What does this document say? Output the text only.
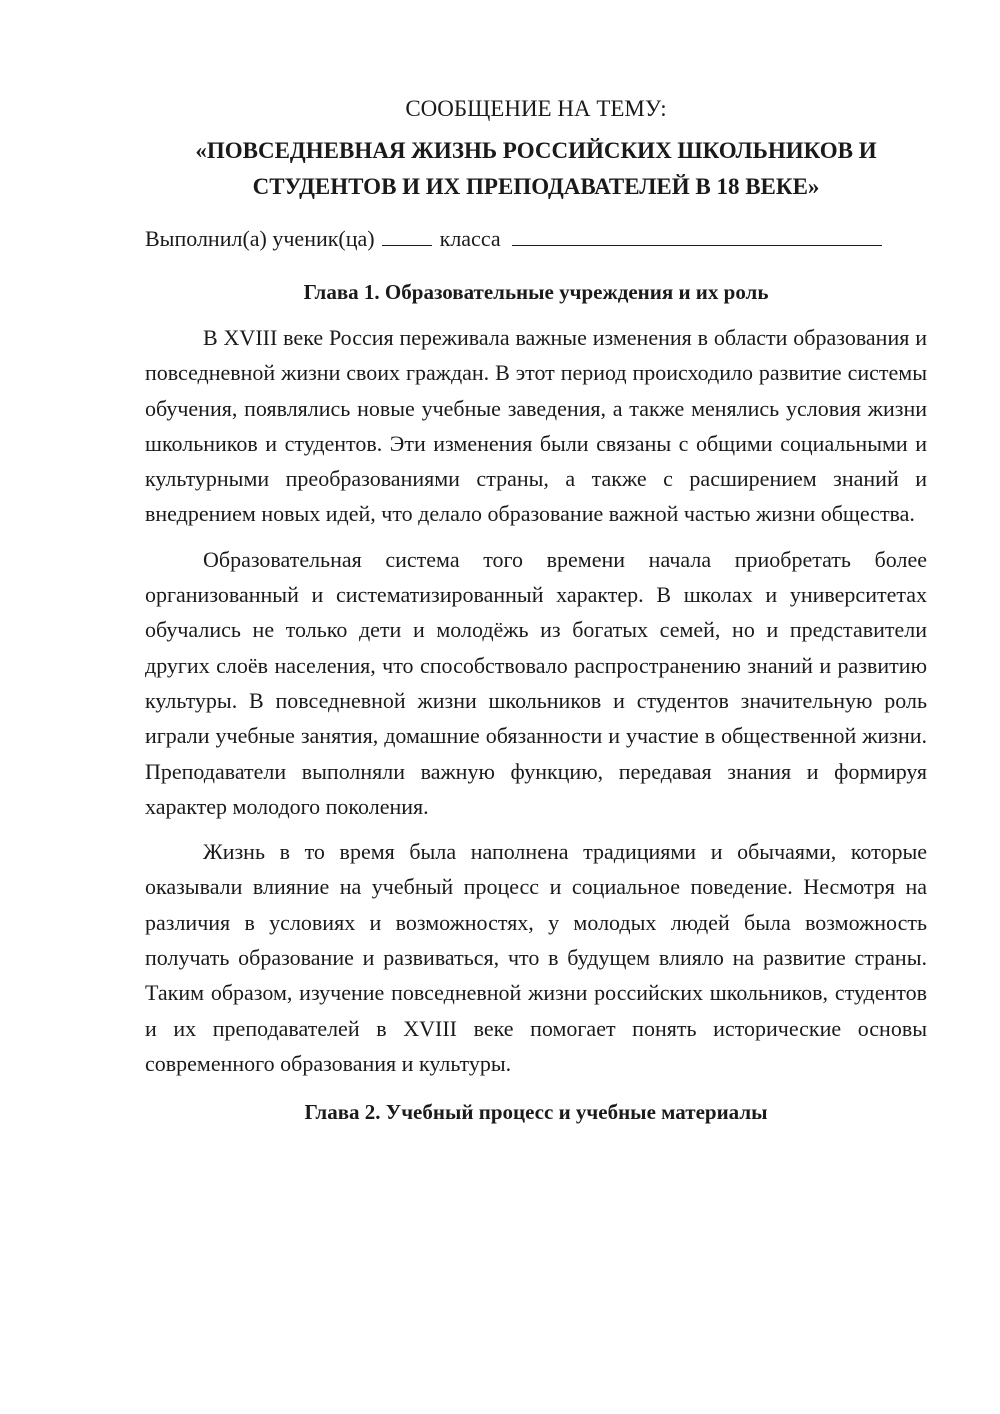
СООБЩЕНИЕ НА ТЕМУ:

«ПОВСЕДНЕВНАЯ ЖИЗНЬ РОССИЙСКИХ ШКОЛЬНИКОВ И

СТУДЕНТОВ И ИХ ПРЕПОДАВАТЕЛЕЙ В 18 ВЕКЕ»

Выполнил(а) ученик(ца)	класса

Глава 1. Образовательные учреждения и их роль

В XVIII веке Россия переживала важные изменения в области образования и повседневной жизни своих граждан. В этот период происходило развитие системы обучения, появлялись новые учебные заведения, а также менялись условия жизни школьников и студентов. Эти изменения были связаны с общими социальными и культурными преобразованиями страны, а также с расширением знаний и внедрением новых идей, что делало образование важной частью жизни общества.

Образовательная система того времени начала приобретать более организованный и систематизированный характер. В школах и университетах обучались не только дети и молодёжь из богатых семей, но и представители других слоёв населения, что способствовало распространению знаний и развитию культуры. В повседневной жизни школьников и студентов значительную роль играли учебные занятия, домашние обязанности и участие в общественной жизни. Преподаватели выполняли важную функцию, передавая знания и формируя характер молодого поколения.

Жизнь в то время была наполнена традициями и обычаями, которые оказывали влияние на учебный процесс и социальное поведение. Несмотря на различия в условиях и возможностях, у молодых людей была возможность получать образование и развиваться, что в будущем влияло на развитие страны. Таким образом, изучение повседневной жизни российских школьников, студентов и их преподавателей в XVIII веке помогает понять исторические основы современного образования и культуры.

Глава 2. Учебный процесс и учебные материалы
